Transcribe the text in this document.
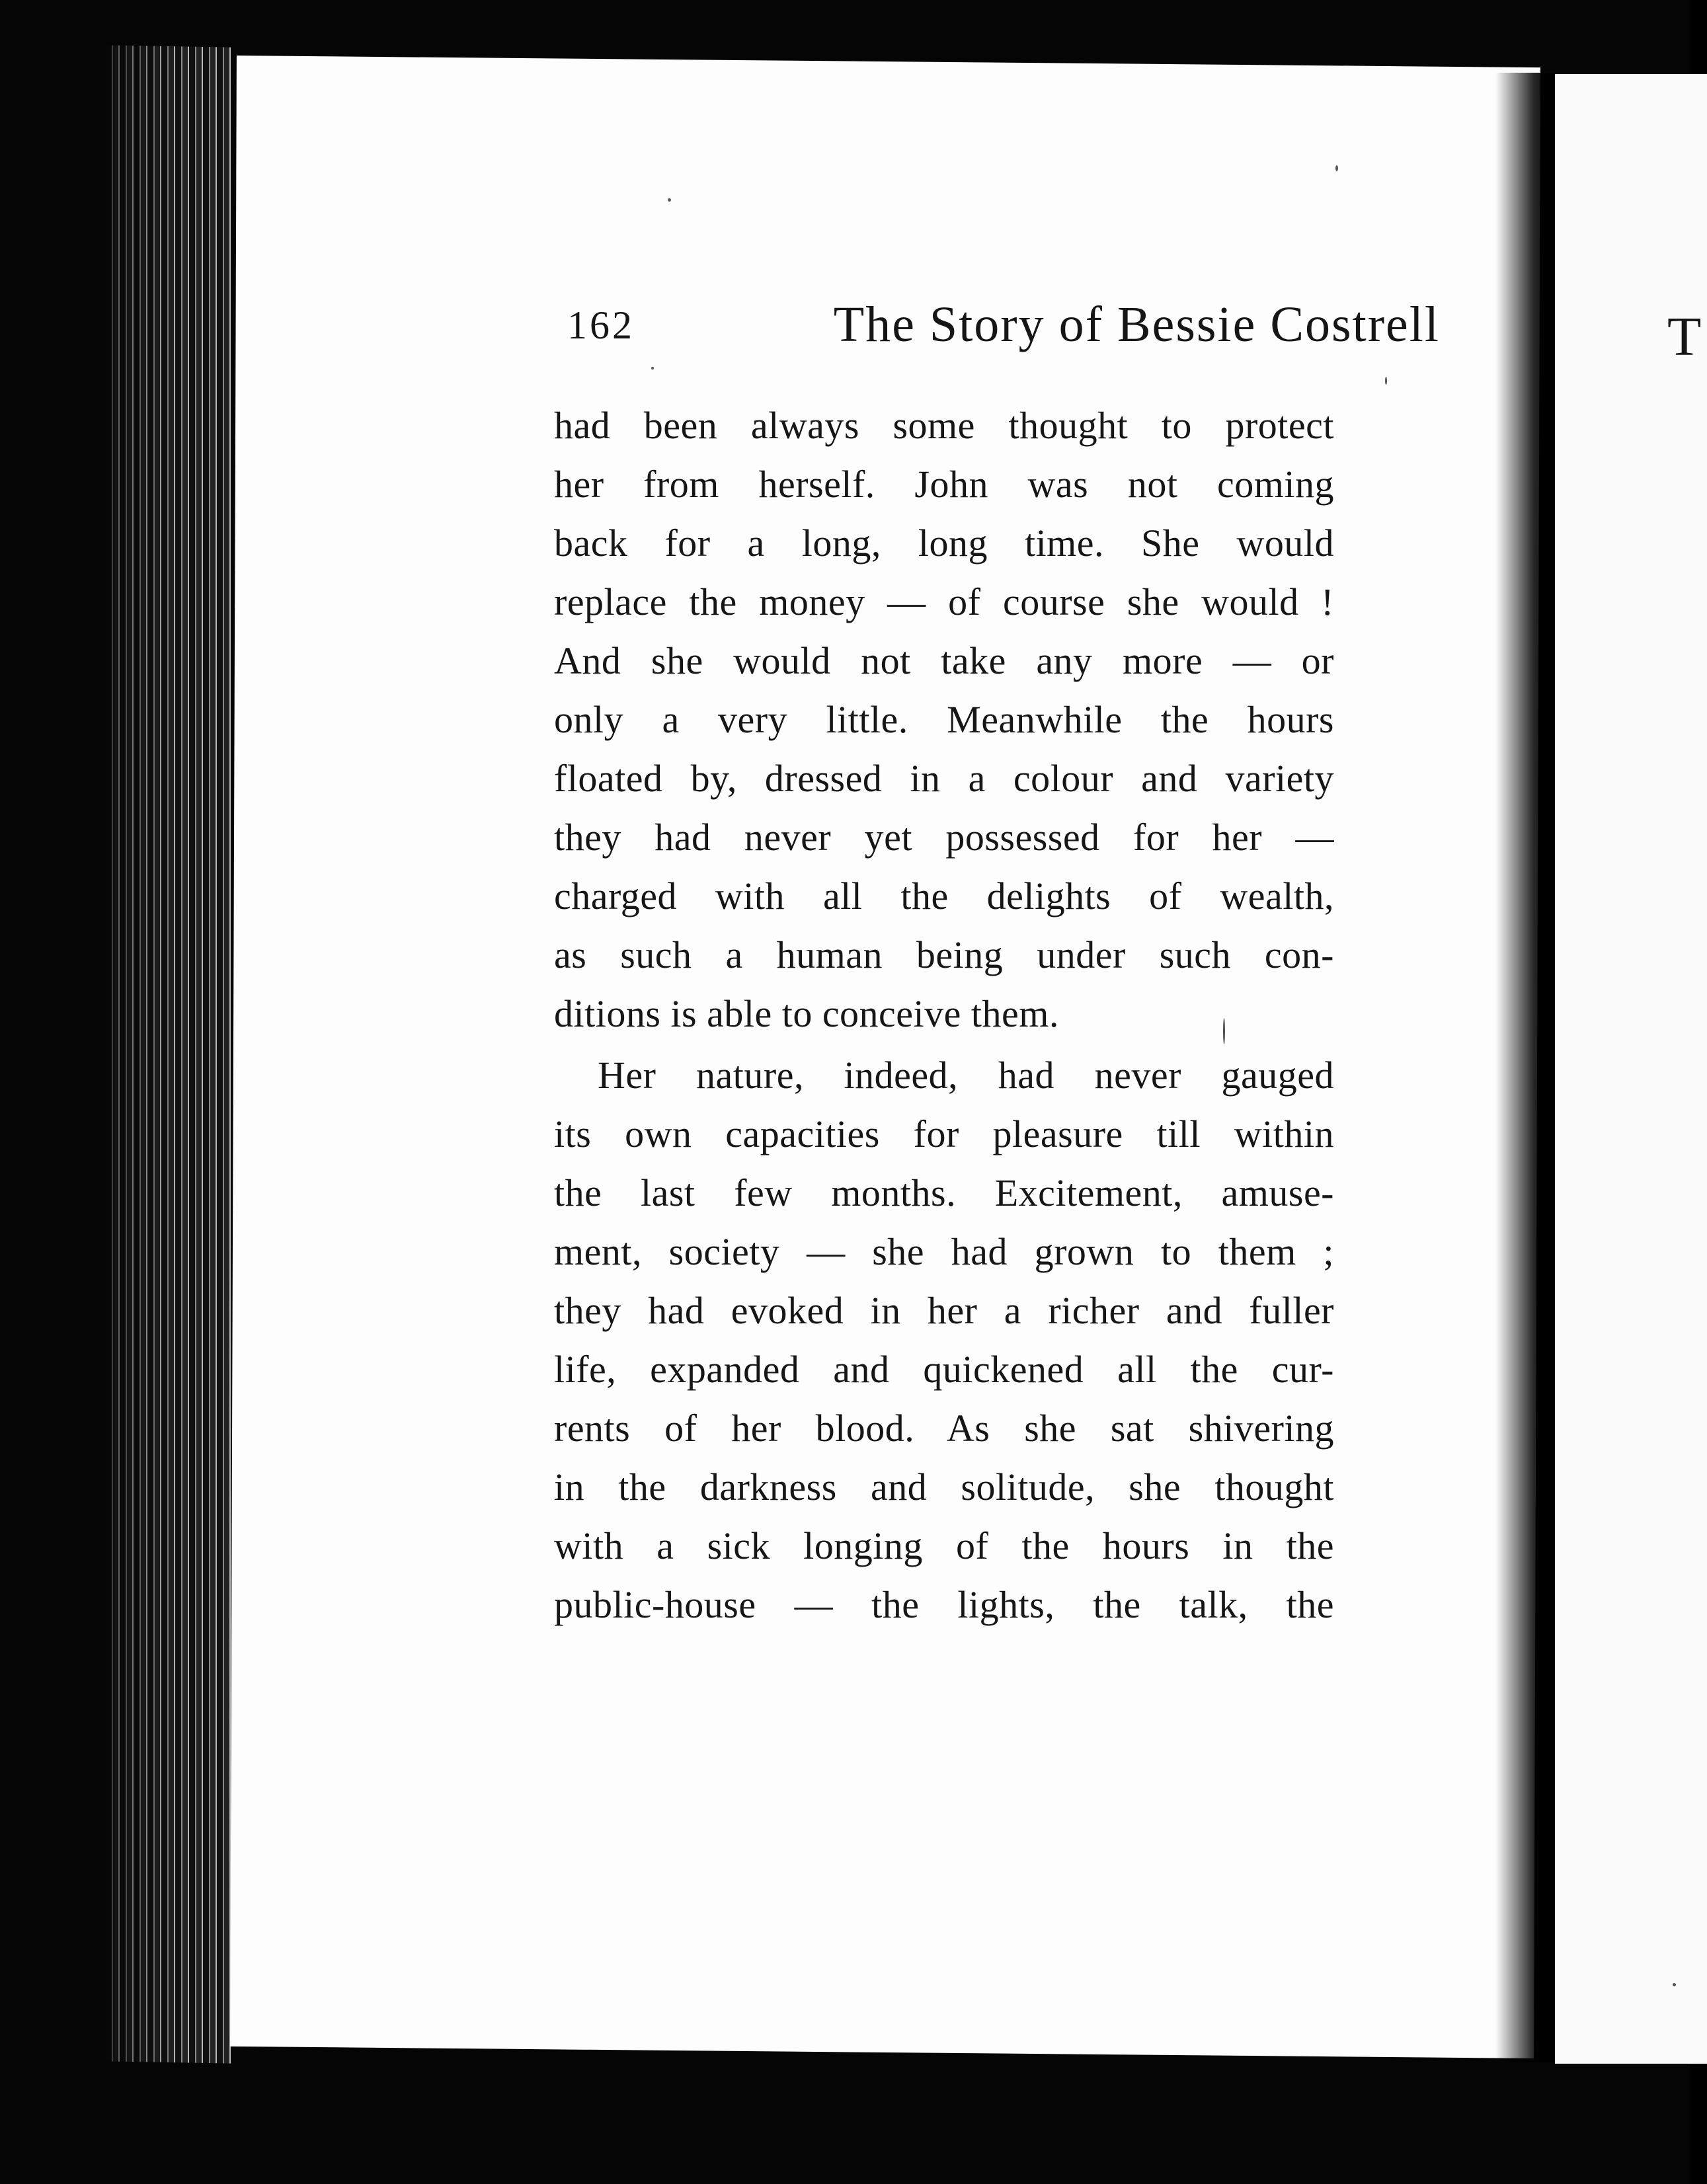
T
162	The Story of Bessie Costrell
had been always some thought to protect
her from herself. John was not coming
back for a long, long time. She would
replace the money — of course she would !
And she would not take any more — or
only a very little. Meanwhile the hours
floated by, dressed in a colour and variety
they had never yet possessed for her —
charged with all the delights of wealth,
as such a human being under such con-
ditions is able to conceive them.
Her nature, indeed, had never gauged
its own capacities for pleasure till within
the last few months. Excitement, amuse-
ment, society — she had grown to them ;
they had evoked in her a richer and fuller
life, expanded and quickened all the cur-
rents of her blood. As she sat shivering
in the darkness and solitude, she thought
with a sick longing of the hours in the
public-house — the lights, the talk, the
